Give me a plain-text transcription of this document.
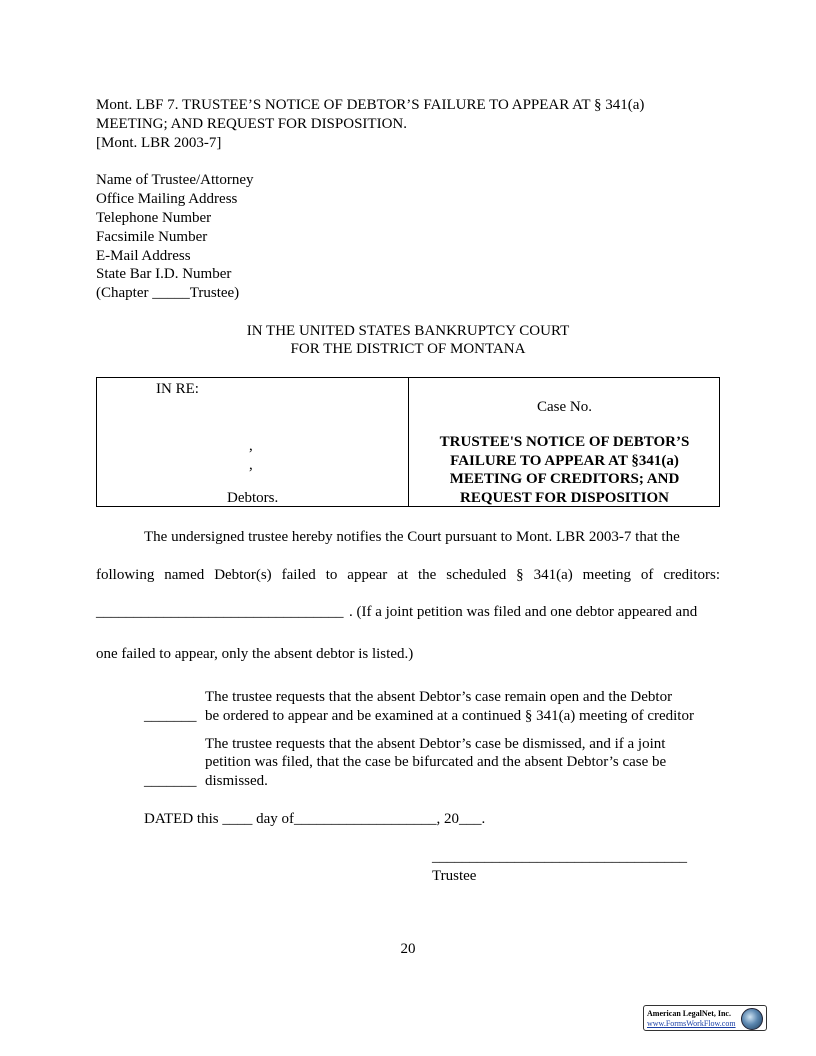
Mont. LBF 7. TRUSTEE’S NOTICE OF DEBTOR’S FAILURE TO APPEAR AT § 341(a)
MEETING; AND REQUEST FOR DISPOSITION.
[Mont. LBR 2003-7]
Name of Trustee/Attorney
Office Mailing Address
Telephone Number
Facsimile Number
E-Mail Address
State Bar I.D. Number
(Chapter _____Trustee)
IN THE UNITED STATES BANKRUPTCY COURT
FOR THE DISTRICT OF MONTANA
IN RE:
,
,
Debtors.
Case No.
TRUSTEE'S NOTICE OF DEBTOR’S
FAILURE TO APPEAR AT §341(a)
MEETING OF CREDITORS; AND
REQUEST FOR DISPOSITION
The undersigned trustee hereby notifies the Court pursuant to Mont. LBR 2003-7 that the
following named Debtor(s) failed to appear at the scheduled § 341(a) meeting of creditors:
_________________________________ . (If a joint petition was filed and one debtor appeared and
one failed to appear, only the absent debtor is listed.)
The trustee requests that the absent Debtor’s case remain open and the Debtor
_______ be ordered to appear and be examined at a continued § 341(a) meeting of creditor
The trustee requests that the absent Debtor’s case be dismissed, and if a joint
petition was filed, that the case be bifurcated and the absent Debtor’s case be
_______ dismissed.
DATED this ____ day of___________________, 20___.
__________________________________
Trustee
20
American LegalNet, Inc.
www.FormsWorkFlow.com
